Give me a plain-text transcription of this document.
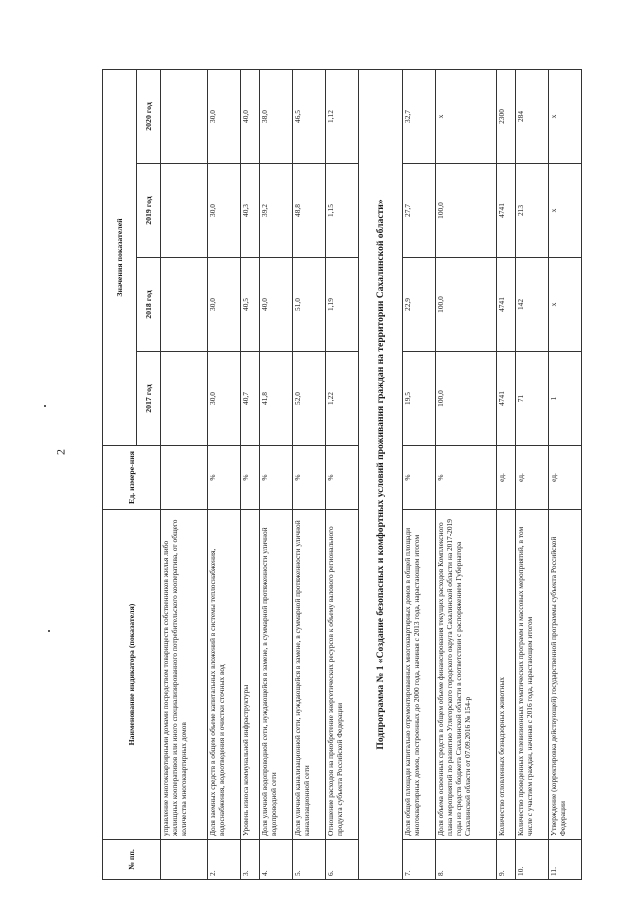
2
№ пп.	Наименование индикатора (показателя)	Ед. измере-ния	Значения показателей			
			2017 год	2018 год	2019 год	2020 год
	управление многоквартирными домами посредством товариществ собственников жилья либо жилищных кооперативов или иного специализированного потребительского кооператива, от общего количества многоквартирных домов					
2.	Доля заемных средств в общем объеме капитальных вложений в системы теплоснабжения, водоснабжения, водоотведения и очистки сточных вод	%	30,0	30,0	30,0	30,0
3.	Уровень износа коммунальной инфраструктуры	%	40,7	40,5	40,3	40,0
4.	Доля уличной водопроводной сети, нуждающейся в замене, в суммарной протяженности уличной водопроводной сети	%	41,8	40,0	39,2	38,0
5.	Доля уличной канализационной сети, нуждающейся в замене, в суммарной протяженности уличной канализационной сети	%	52,0	51,0	48,8	46,5
6.	Отношение расходов на приобретение энергетических ресурсов к объему валового регионального продукта субъекта Российской Федерации	%	1,22	1,19	1,15	1,12
Подпрограмма № 1 «Создание безопасных и комфортных условий проживания граждан на территории Сахалинской области»						
7.	Доля общей площади капитально отремонтированных многоквартирных домов в общей площади многоквартирных домов, построенных до 2000 года, начиная с 2013 года, нарастающим итогом	%	19,5	22,9	27,7	32,7
8.	Доля объема освоенных средств в общем объеме финансирования текущих расходов Комплексного плана мероприятий по развитию Углегорского городского округа Сахалинской области на 2017-2019 годы из средств бюджета Сахалинской области в соответствии с распоряжением Губернатора Сахалинской области от 07.09.2016 № 154-р	%	100,0	100,0	100,0	х
9.	Количество отловленных безнадзорных животных	ед.	4741	4741	4741	2300
10.	Количество проведенных телевизионных тематических программ и массовых мероприятий, в том числе с участием граждан, начиная с 2016 года, нарастающим итогом	ед.	71	142	213	284
11.	Утверждение (корректировка действующей) государственной программы субъекта Российской Федерации	ед.	1	х	х	х
